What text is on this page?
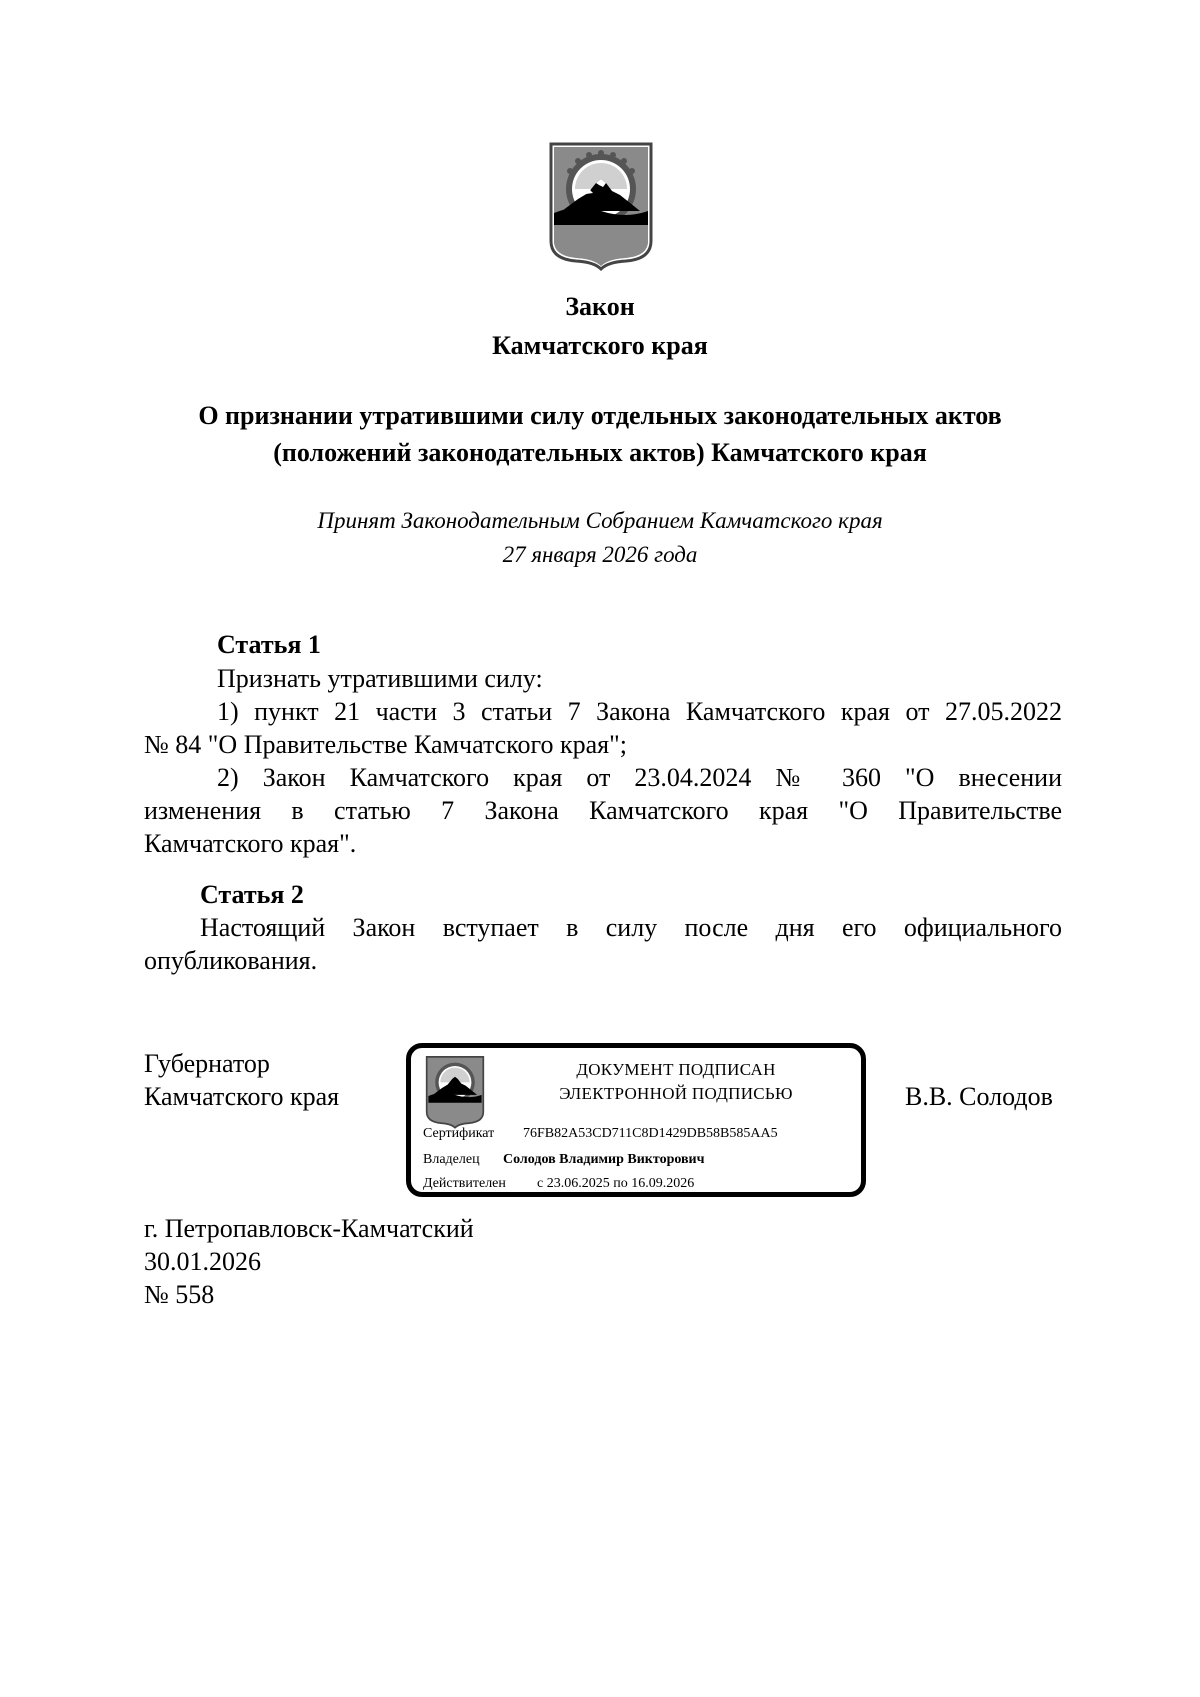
Закон
Камчатского края
О признании утратившими силу отдельных законодательных актов
(положений законодательных актов) Камчатского края
Принят Законодательным Собранием Камчатского края
27 января 2026 года
Статья 1
Признать утратившими силу:
1) пункт 21 части 3 статьи 7 Закона Камчатского края от 27.05.2022
№ 84 "О Правительстве Камчатского края";
2) Закон Камчатского края от 23.04.2024 № 360 "О внесении
изменения в статью 7 Закона Камчатского края "О Правительстве
Камчатского края".
Статья 2
Настоящий Закон вступает в силу после дня его официального
опубликования.
Губернатор
Камчатского края	В.В. Солодов
ДОКУМЕНТ ПОДПИСАН
ЭЛЕКТРОННОЙ ПОДПИСЬЮ
Сертификат 76FB82A53CD711C8D1429DB58B585AA5
Владелец Солодов Владимир Викторович
Действителен с 23.06.2025 по 16.09.2026
г. Петропавловск-Камчатский
30.01.2026
№ 558
